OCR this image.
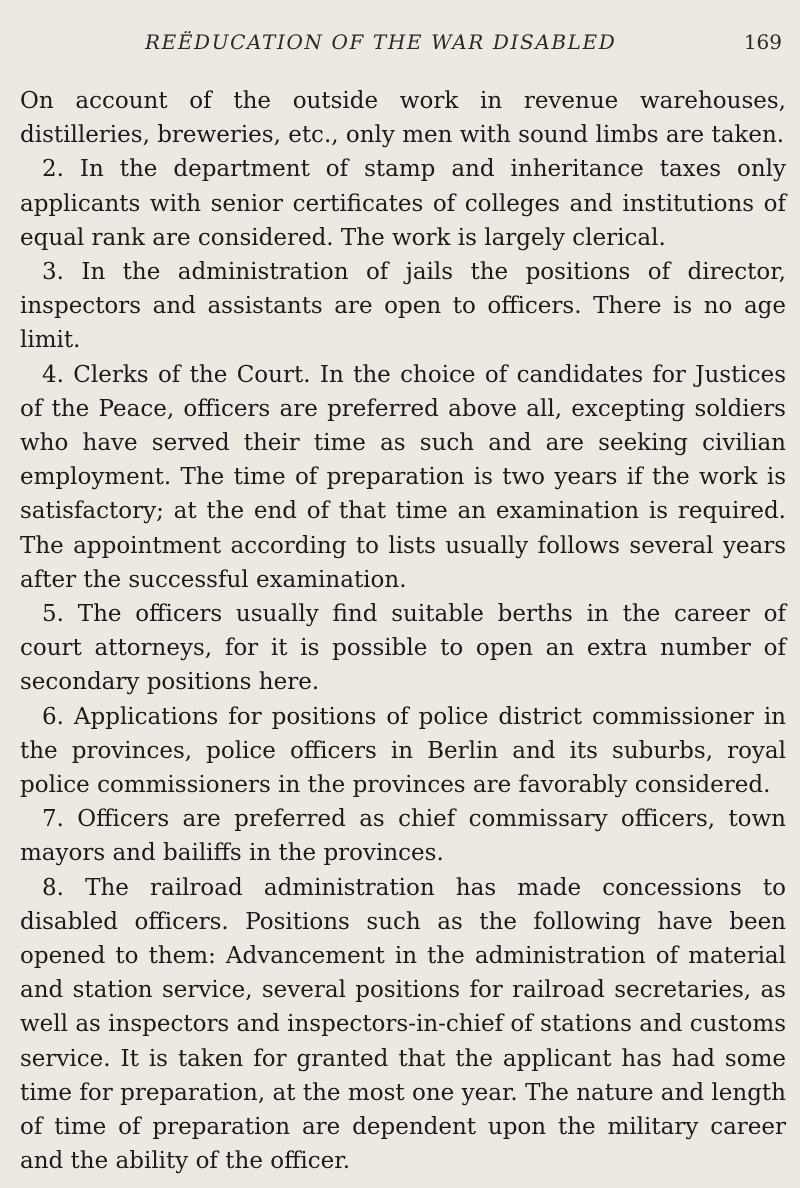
REËDUCATION OF THE WAR DISABLED	169

On account of the outside work in revenue warehouses, distilleries, breweries, etc., only men with sound limbs are taken.

2. In the department of stamp and inheritance taxes only applicants with senior certificates of colleges and institutions of equal rank are considered. The work is largely clerical.

3. In the administration of jails the positions of director, inspectors and assistants are open to officers. There is no age limit.

4. Clerks of the Court. In the choice of candidates for Justices of the Peace, officers are preferred above all, excepting soldiers who have served their time as such and are seeking civilian employment. The time of preparation is two years if the work is satisfactory; at the end of that time an examination is required. The appointment according to lists usually follows several years after the successful examination.

5. The officers usually find suitable berths in the career of court attorneys, for it is possible to open an extra number of secondary positions here.

6. Applications for positions of police district commissioner in the provinces, police officers in Berlin and its suburbs, royal police commissioners in the provinces are favorably considered.

7. Officers are preferred as chief commissary officers, town mayors and bailiffs in the provinces.

8. The railroad administration has made concessions to disabled officers. Positions such as the following have been opened to them: Advancement in the administration of material and station service, several positions for railroad secretaries, as well as inspectors and inspectors-in-chief of stations and customs service. It is taken for granted that the applicant has had some time for preparation, at the most one year. The nature and length of time of preparation are dependent upon the military career and the ability of the officer.
